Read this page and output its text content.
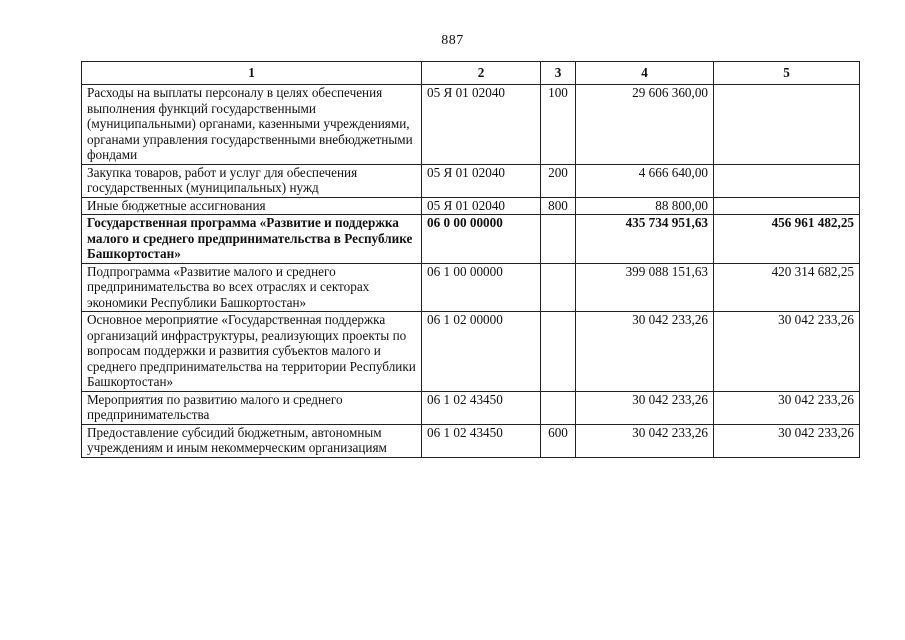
887
1	2	3	4	5
Расходы на выплаты персоналу в целях обеспечения выполнения функций государственными (муниципальными) органами, казенными учреждениями, органами управления государственными внебюджетными фондами	05 Я 01 02040	100	29 606 360,00	
Закупка товаров, работ и услуг для обеспечения государственных (муниципальных) нужд	05 Я 01 02040	200	4 666 640,00	
Иные бюджетные ассигнования	05 Я 01 02040	800	88 800,00	
Государственная программа «Развитие и поддержка малого и среднего предпринимательства в Республике Башкортостан»	06 0 00 00000		435 734 951,63	456 961 482,25
Подпрограмма «Развитие малого и среднего предпринимательства во всех отраслях и секторах экономики Республики Башкортостан»	06 1 00 00000		399 088 151,63	420 314 682,25
Основное мероприятие «Государственная поддержка организаций инфраструктуры, реализующих проекты по вопросам поддержки и развития субъектов малого и среднего предпринимательства на территории Республики Башкортостан»	06 1 02 00000		30 042 233,26	30 042 233,26
Мероприятия по развитию малого и среднего предпринимательства	06 1 02 43450		30 042 233,26	30 042 233,26
Предоставление субсидий бюджетным, автономным учреждениям и иным некоммерческим организациям	06 1 02 43450	600	30 042 233,26	30 042 233,26
